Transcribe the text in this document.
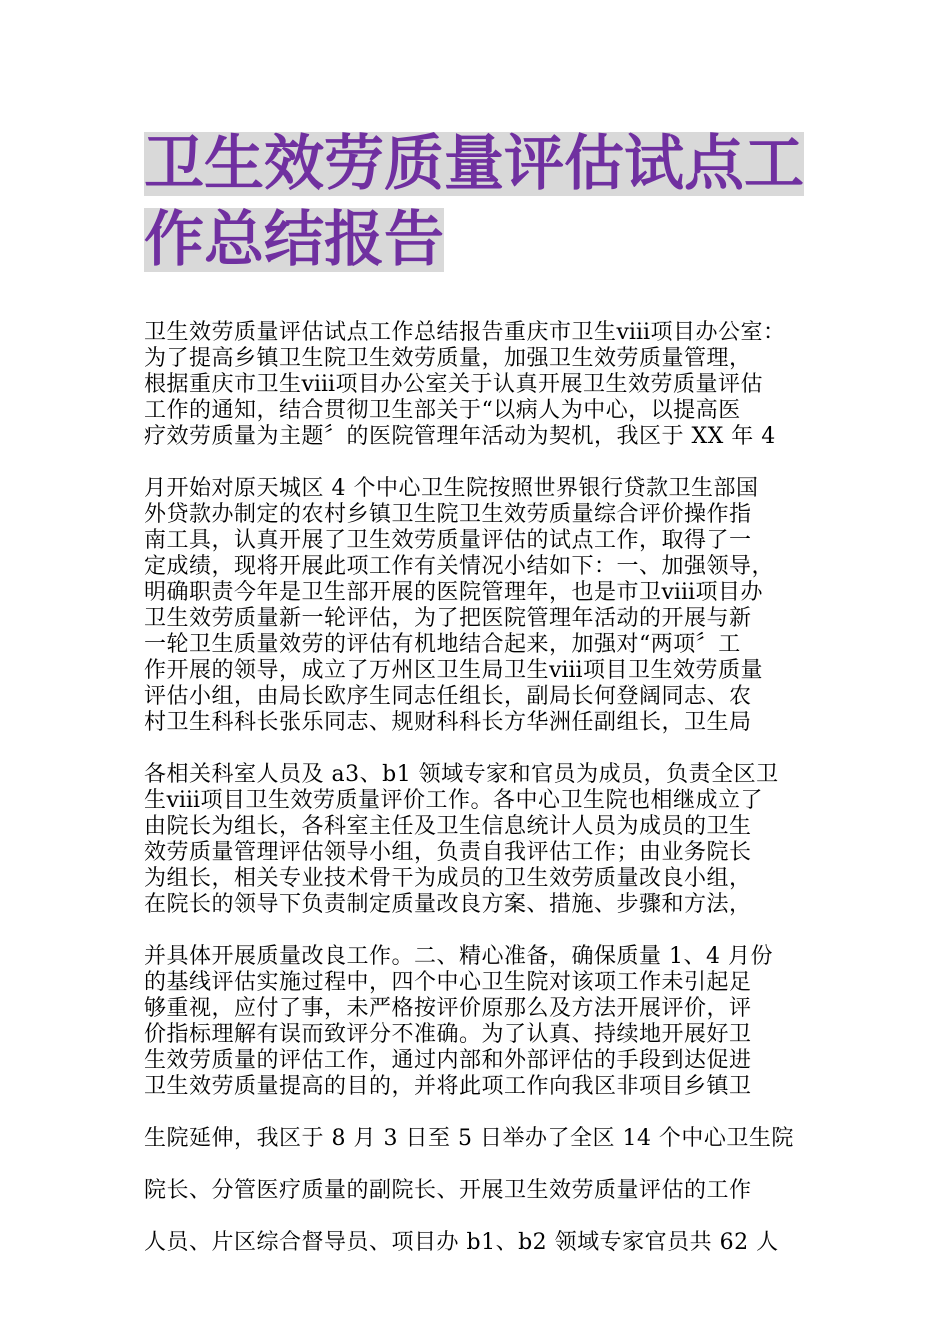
卫生效劳质量评估试点工
作总结报告
卫生效劳质量评估试点工作总结报告重庆市卫生ⅷ项目办公室：
为了提高乡镇卫生院卫生效劳质量，加强卫生效劳质量管理，
根据重庆市卫生ⅷ项目办公室关于认真开展卫生效劳质量评估
工作的通知，结合贯彻卫生部关于“以病人为中心，以提高医
疗效劳质量为主题〞的医院管理年活动为契机，我区于 XX 年 4
月开始对原天城区 4 个中心卫生院按照世界银行贷款卫生部国
外贷款办制定的农村乡镇卫生院卫生效劳质量综合评价操作指
南工具，认真开展了卫生效劳质量评估的试点工作，取得了一
定成绩，现将开展此项工作有关情况小结如下：一、加强领导，
明确职责今年是卫生部开展的医院管理年，也是市卫ⅷ项目办
卫生效劳质量新一轮评估，为了把医院管理年活动的开展与新
一轮卫生质量效劳的评估有机地结合起来，加强对“两项〞工
作开展的领导，成立了万州区卫生局卫生ⅷ项目卫生效劳质量
评估小组，由局长欧序生同志任组长，副局长何登阔同志、农
村卫生科科长张乐同志、规财科科长方华洲任副组长，卫生局
各相关科室人员及 a3、b1 领域专家和官员为成员，负责全区卫
生ⅷ项目卫生效劳质量评价工作。各中心卫生院也相继成立了
由院长为组长，各科室主任及卫生信息统计人员为成员的卫生
效劳质量管理评估领导小组，负责自我评估工作；由业务院长
为组长，相关专业技术骨干为成员的卫生效劳质量改良小组，
在院长的领导下负责制定质量改良方案、措施、步骤和方法，
并具体开展质量改良工作。二、精心准备，确保质量 1、4 月份
的基线评估实施过程中，四个中心卫生院对该项工作未引起足
够重视，应付了事，未严格按评价原那么及方法开展评价，评
价指标理解有误而致评分不准确。为了认真、持续地开展好卫
生效劳质量的评估工作，通过内部和外部评估的手段到达促进
卫生效劳质量提高的目的，并将此项工作向我区非项目乡镇卫
生院延伸，我区于 8 月 3 日至 5 日举办了全区 14 个中心卫生院
院长、分管医疗质量的副院长、开展卫生效劳质量评估的工作
人员、片区综合督导员、项目办 b1、b2 领域专家官员共 62 人
